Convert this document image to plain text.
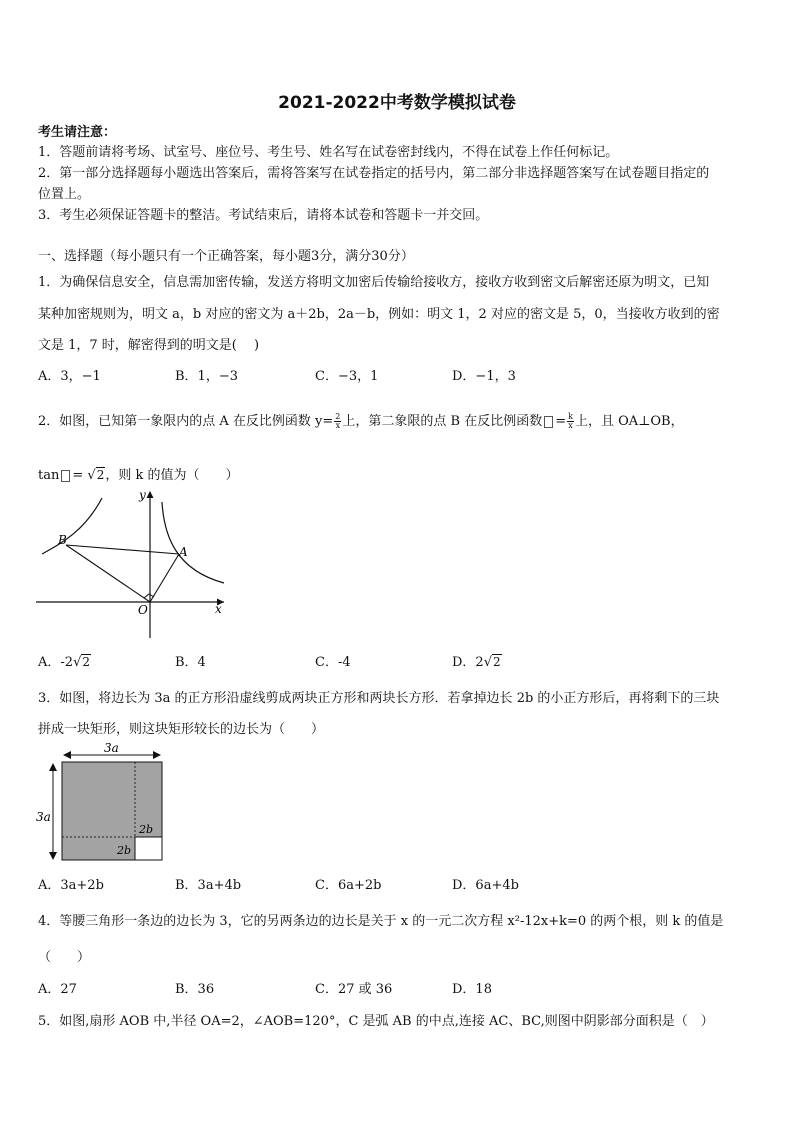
2021-2022中考数学模拟试卷
考生请注意：
1．答题前请将考场、试室号、座位号、考生号、姓名写在试卷密封线内，不得在试卷上作任何标记。
2．第一部分选择题每小题选出答案后，需将答案写在试卷指定的括号内，第二部分非选择题答案写在试卷题目指定的
位置上。
3．考生必须保证答题卡的整洁。考试结束后，请将本试卷和答题卡一并交回。
一、选择题（每小题只有一个正确答案，每小题3分，满分30分）
1．为确保信息安全，信息需加密传输，发送方将明文加密后传输给接收方，接收方收到密文后解密还原为明文，已知
某种加密规则为，明文 a，b 对应的密文为 a＋2b，2a－b，例如：明文 1，2 对应的密文是 5，0，当接收方收到的密
文是 1，7 时，解密得到的明文是(　 )
A．3，−1	B．1，−3	C．−3，1	D．−1，3
2．如图，已知第一象限内的点 A 在反比例函数 $y= \frac{2}{x}$ 上，第二象限的点 B 在反比例函数 = $\frac{k}{x}$ 上，且 OA⊥OB，
tan = √2，则 k 的值为（　　）
B
A
O	x
y
A．-2√2	B．4	C．-4	D．2√2
3．如图，将边长为 3a 的正方形沿虚线剪成两块正方形和两块长方形．若拿掉边长 2b 的小正方形后，再将剩下的三块
拼成一块矩形，则这块矩形较长的边长为（　　）
3a
3a
2b
2b
A．3a+2b	B．3a+4b	C．6a+2b	D．6a+4b
4．等腰三角形一条边的边长为 3，它的另两条边的边长是关于 x 的一元二次方程 x²-12x+k=0 的两个根，则 k 的值是
（　　）
A．27	B．36	C．27 或 36	D．18
5．如图,扇形 AOB 中,半径 OA=2，∠AOB=120°，C 是弧 AB 的中点,连接 AC、BC,则图中阴影部分面积是（　）
